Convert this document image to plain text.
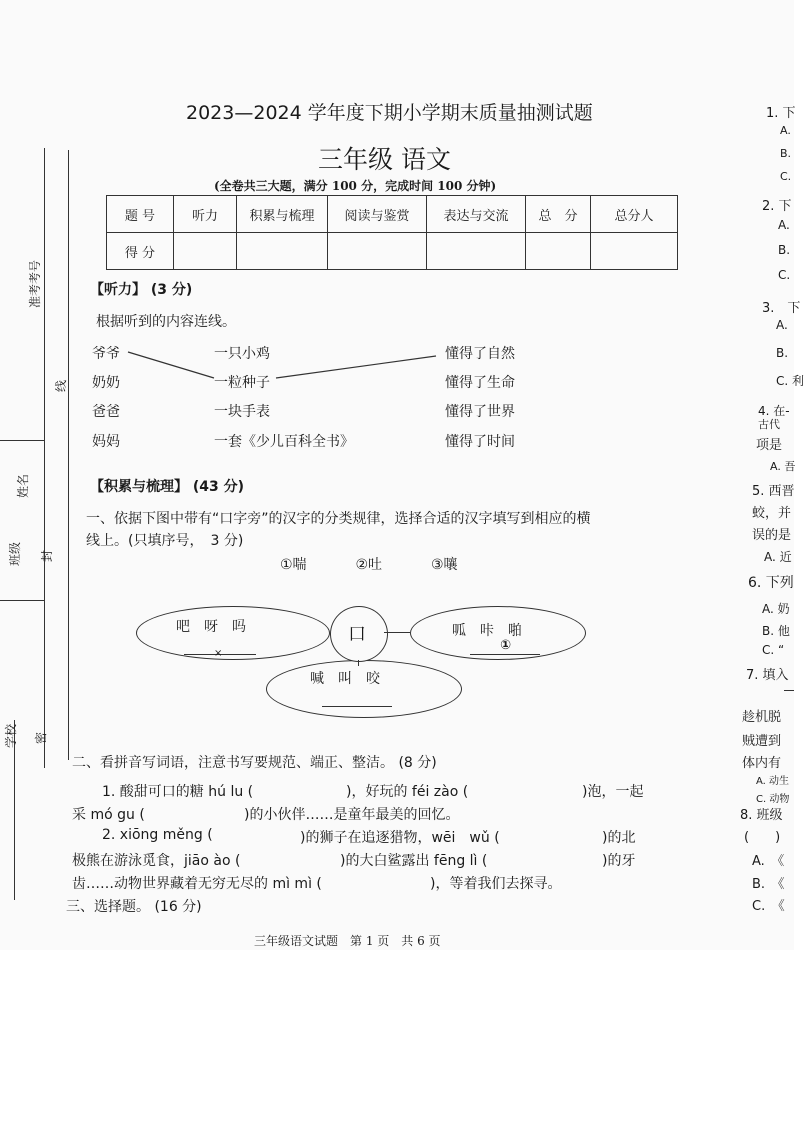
准考考号
线
姓名
班级 封
学校 密
2023—2024 学年度下期小学期末质量抽测试题
三年级 语文
(全卷共三大题，满分 100 分，完成时间 100 分钟)
题 号	听力	积累与梳理	阅读与鉴赏	表达与交流	总　分	总分人
得 分						
【听力】 (3 分)
根据听到的内容连线。
爷爷
奶奶
爸爸
妈妈
一只小鸡
一粒种子
一块手表
一套《少儿百科全书》
懂得了自然
懂得了生命
懂得了世界
懂得了时间
【积累与梳理】 (43 分)
一、依据下图中带有“口字旁”的汉字的分类规律，选择合适的汉字填写到相应的横
线上。(只填序号，　3 分)
①喘	②吐	③嚷
口
吧　呀　吗
×
呱　咔　啪
①
喊　叫　咬
二、看拼音写词语，注意书写要规范、端正、整洁。 (8 分)
1. 酸甜可口的糖 hú lu (	)，好玩的 féi zào (	)泡，一起
采 mó gu (	)的小伙伴……是童年最美的回忆。
2. xiōng měng (	)的狮子在追逐猎物，wēi　wǔ (	)的北
极熊在游泳觅食，jiāo ào (	)的大白鲨露出 fēng lì (	)的牙
齿……动物世界藏着无穷无尽的 mì mì (	)，等着我们去探寻。
三、选择题。 (16 分)
三年级语文试题　第 1 页　共 6 页
1. 下
A.
B.
C.
2. 下
A.
B.
C.
3.　下
A.
B.
C. 利
4. 在-
古代
项是
A. 吾
5. 西晋
蛟，并
误的是
A. 近
6. 下列
A. 奶
B. 他
C. “
7. 填入
趁机脱
贼遭到
体内有
A. 动生
C. 动物
8. 班级
(　　)
A.　《
B.　《
C.　《
